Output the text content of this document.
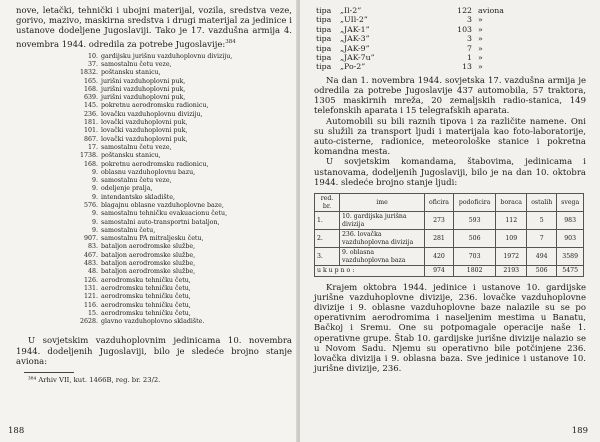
nove, letački, tehnički i ubojni materijal, vozila, sredstva veze, gorivo, mazivo, maskirna sredstva i drugi materijal za jedinice i ustanove dodeljene Jugoslaviji. Tako je 17. vazdušna armija 4. novembra 1944. odredila za potrebe Jugoslavije:$^{384}$

10. gardijsku jurišnu vazduhoplovnu diviziju,
37. samostalnu četu veze,
1832. poštansku stanicu,
165. jurišni vazduhoplovni puk,
168. jurišni vazduhoplovni puk,
639. jurišni vazduhoplovni puk,
145. pokretnu aerodromsku radionicu,
236. lovačku vazduhoplovnu diviziju,
181. lovački vazduhoplovni puk,
101. lovački vazduhoplovni puk,
867. lovački vazduhoplovni puk,
17. samostalnu četu veze,
1738. poštansku stanicu,
168. pokretnu aerodromsku radionicu,
9. oblasnu vazduhoplovnu bazu,
9. samostalnu četu veze,
9. odeljenje pralja,
9. intendantsko skladište,
576. blagajnu oblasne vazduhoplovne baze,
9. samostalnu tehničku evakuacionu četu,
9. samostalni auto-transportni bataljon,
9. samostalnu četu,
907. samostalnu PA mitraljesku četu,
83. bataljon aerodromske službe,
467. bataljon aerodromske službe,
483. bataljon aerodromske službe,
48. bataljon aerodromske službe,
126. aerodromsku tehničku četu,
131. aerodromsku tehničku četu,
121. aerodromsku tehničku četu,
116. aerodromsku tehničku četu,
15. aerodromsku tehničku četu,
2628. glavno vazduhoplovno skladište.

U sovjetskim vazduhoplovnim jedinicama 10. novembra 1944. dodeljenih Jugoslaviji, bilo je sledeće brojno stanje aviona:

³⁸⁴ Arhiv VII, kut. 1466B, reg. br. 23/2.
188
tipa	„Il-2”	122 aviona
tipa	„UIl-2”	3 »
tipa	„JAK-1”	103 »
tipa	„JAK-3”	3 »
tipa	„JAK-9”	7 »
tipa	„JAK-7u”	1 »
tipa	„Po-2”	13 »

Na dan 1. novembra 1944. sovjetska 17. vazdušna armija je odredila za potrebe Jugoslavije 437 automobila, 57 traktora, 1305 maskirnih mreža, 20 zemaljskih radio-stanica, 149 telefonskih aparata i 15 telegrafskih aparata.

Automobili su bili raznih tipova i za različite namene. Oni su služili za transport ljudi i materijala kao foto-laboratorije, auto-cisterne, radionice, meteorološke stanice i pokretna komandna mesta.

U sovjetskim komandama, štabovima, jedinicama i ustanovama, dodeljenih Jugoslaviji, bilo je na dan 10. oktobra 1944. sledeće brojno stanje ljudi:

red. br.	ime	oficira	podoficira	boraca	ostalih	svega
1.	10. gardijska jurišna divizija	273	593	112	5	983
2.	236. lovačka vazduhoplovna divizija	281	506	109	7	903
3.	9. oblasna vazduhoplovna baza	420	703	1972	494	3589
u k u p n o :		974	1802	2193	506	5475

Krajem oktobra 1944. jedinice i ustanove 10. gardijske jurišne vazduhoplovne divizije, 236. lovačke vazduhoplovne divizije i 9. oblasne vazduhoplovne baze nalazile su se po operativnim aerodromima i naseljenim mestima u Banatu, Bačkoj i Sremu. One su potpomagale operacije naše 1. operativne grupe. Štab 10. gardijske jurišne divizije nalazio se u Novom Sadu. Njemu su operativno bile potčinjene 236. lovačka divizija i 9. oblasna baza. Sve jedinice i ustanove 10. jurišne divizije, 236.

189
